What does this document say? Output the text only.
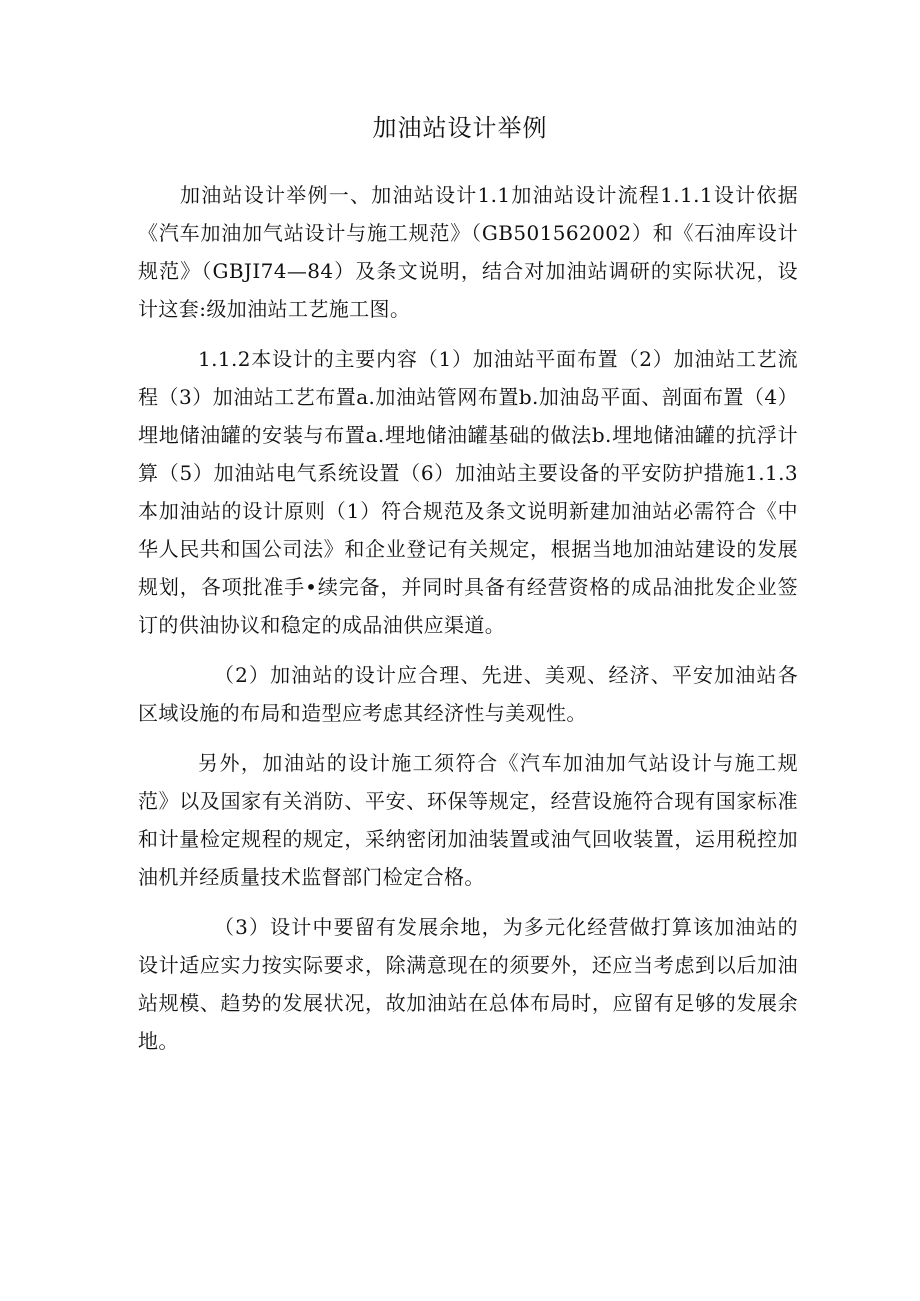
加油站设计举例

加油站设计举例一、加油站设计1.1加油站设计流程1.1.1设计依据《汽车加油加气站设计与施工规范》（GB501562002）和《石油库设计规范》（GBJI74—84）及条文说明，结合对加油站调研的实际状况，设计这套:级加油站工艺施工图。

1.1.2本设计的主要内容（1）加油站平面布置（2）加油站工艺流程（3）加油站工艺布置a.加油站管网布置b.加油岛平面、剖面布置（4）埋地储油罐的安装与布置a.埋地储油罐基础的做法b.埋地储油罐的抗浮计算（5）加油站电气系统设置（6）加油站主要设备的平安防护措施1.1.3本加油站的设计原则（1）符合规范及条文说明新建加油站必需符合《中华人民共和国公司法》和企业登记有关规定，根据当地加油站建设的发展规划，各项批准手•续完备，并同时具备有经营资格的成品油批发企业签订的供油协议和稳定的成品油供应渠道。

（2）加油站的设计应合理、先进、美观、经济、平安加油站各区域设施的布局和造型应考虑其经济性与美观性。

另外，加油站的设计施工须符合《汽车加油加气站设计与施工规范》以及国家有关消防、平安、环保等规定，经营设施符合现有国家标准和计量检定规程的规定，采纳密闭加油装置或油气回收装置，运用税控加油机并经质量技术监督部门检定合格。

（3）设计中要留有发展余地，为多元化经营做打算该加油站的设计适应实力按实际要求，除满意现在的须要外，还应当考虑到以后加油站规模、趋势的发展状况，故加油站在总体布局时，应留有足够的发展余地。
